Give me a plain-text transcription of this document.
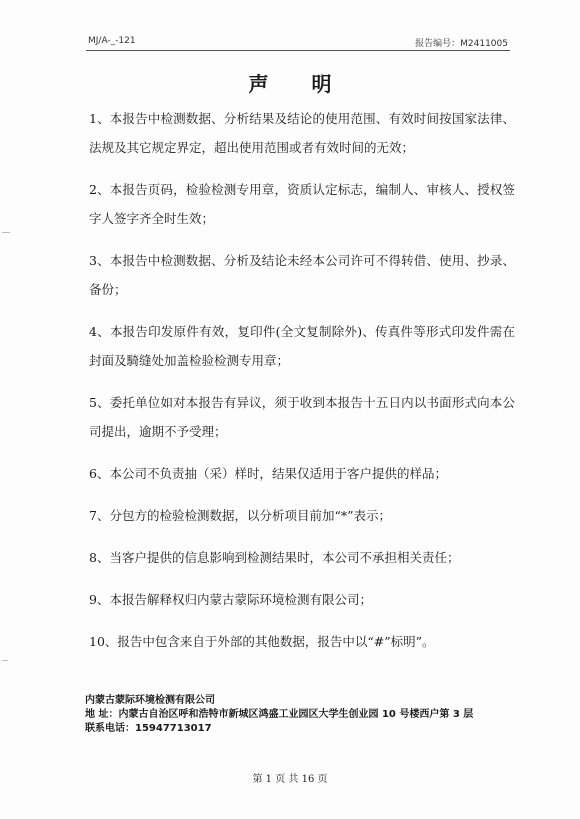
MJ/A-_-121	报告编号：M2411005
声 明
1、本报告中检测数据、分析结果及结论的使用范围、有效时间按国家法律、法规及其它规定界定，超出使用范围或者有效时间的无效；
2、本报告页码，检验检测专用章，资质认定标志，编制人、审核人、授权签字人签字齐全时生效；
3、本报告中检测数据、分析及结论未经本公司许可不得转借、使用、抄录、备份；
4、本报告印发原件有效，复印件(全文复制除外)、传真件等形式印发件需在封面及騎缝处加盖检验检测专用章；
5、委托单位如对本报告有异议，须于收到本报告十五日内以书面形式向本公司提出，逾期不予受理；
6、本公司不负责抽（采）样时，结果仅适用于客户提供的样品；
7、分包方的检验检测数据，以分析项目前加“*”表示；
8、当客户提供的信息影响到检测结果时，本公司不承担相关责任；
9、本报告解释权归内蒙古蒙际环境检测有限公司；
10、报告中包含来自于外部的其他数据，报告中以“#”标明”。
内蒙古蒙际环境检测有限公司
地 址：内蒙古自治区呼和浩特市新城区鸿盛工业园区大学生创业园 10 号楼西户第 3 层
联系电话：15947713017
第 1 页 共 16 页
